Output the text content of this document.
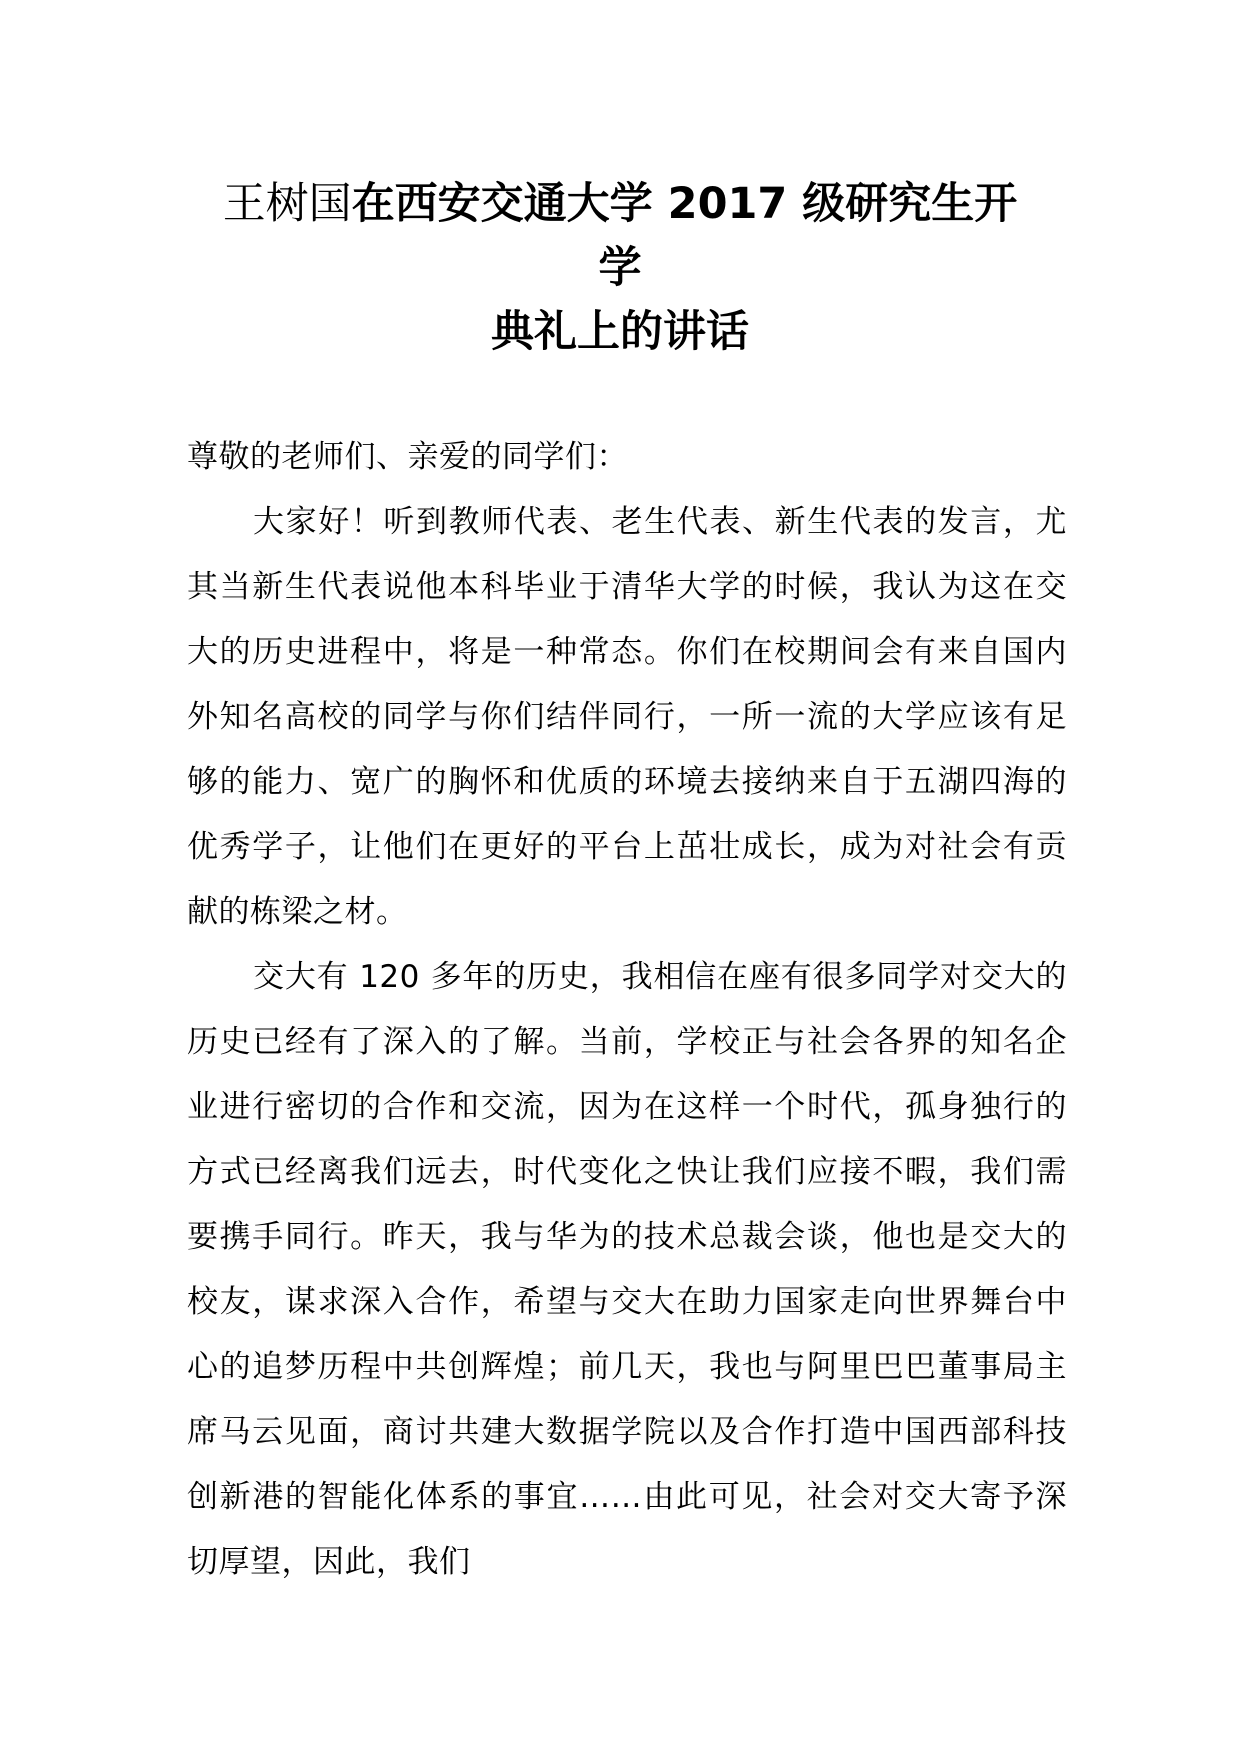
王树国在西安交通大学 2017 级研究生开
学
典礼上的讲话

尊敬的老师们、亲爱的同学们：

大家好！听到教师代表、老生代表、新生代表的发言，尤其当新生代表说他本科毕业于清华大学的时候，我认为这在交大的历史进程中，将是一种常态。你们在校期间会有来自国内外知名高校的同学与你们结伴同行，一所一流的大学应该有足够的能力、宽广的胸怀和优质的环境去接纳来自于五湖四海的优秀学子，让他们在更好的平台上茁壮成长，成为对社会有贡献的栋梁之材。

交大有 120 多年的历史，我相信在座有很多同学对交大的历史已经有了深入的了解。当前，学校正与社会各界的知名企业进行密切的合作和交流，因为在这样一个时代，孤身独行的方式已经离我们远去，时代变化之快让我们应接不暇，我们需要携手同行。昨天，我与华为的技术总裁会谈，他也是交大的校友，谋求深入合作，希望与交大在助力国家走向世界舞台中心的追梦历程中共创辉煌；前几天，我也与阿里巴巴董事局主席马云见面，商讨共建大数据学院以及合作打造中国西部科技创新港的智能化体系的事宜……由此可见，社会对交大寄予深切厚望，因此，我们
